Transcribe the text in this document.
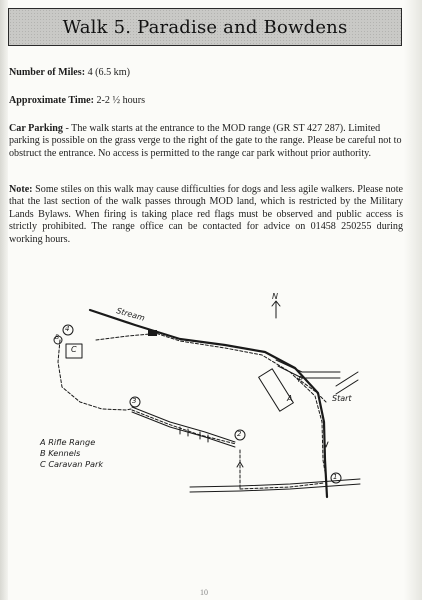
Walk 5. Paradise and Bowdens

Number of Miles: 4 (6.5 km)

Approximate Time: 2-2 ½ hours

Car Parking - The walk starts at the entrance to the MOD range (GR ST 427 287). Limited parking is possible on the grass verge to the right of the gate to the range. Please be careful not to obstruct the entrance. No access is permitted to the range car park without prior authority.

Note: Some stiles on this walk may cause difficulties for dogs and less agile walkers. Please note that the last section of the walk passes through MOD land, which is restricted by the Military Lands Bylaws. When firing is taking place red flags must be observed and public access is strictly prohibited. The range office can be contacted for advice on 01458 250255 during working hours.

N
Stream
Start
P
A
C
B
1
2
3
4
A Rifle Range
B Kennels
C Caravan Park
10
